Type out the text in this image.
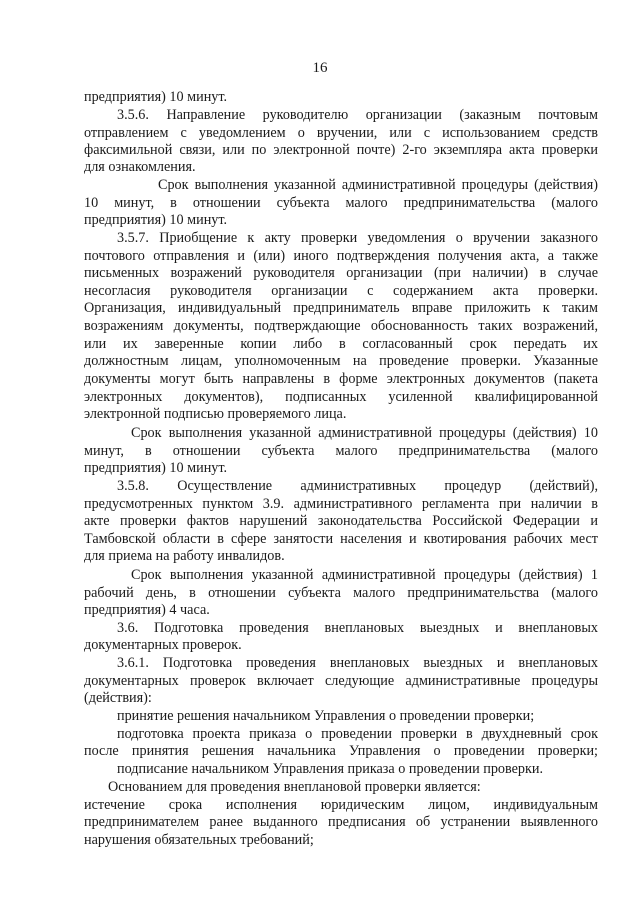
16
предприятия) 10 минут.
3.5.6. Направление руководителю организации (заказным почтовым
отправлением с уведомлением о вручении, или с использованием средств
факсимильной связи, или по электронной почте) 2-го экземпляра акта проверки
для ознакомления.
Срок выполнения указанной административной процедуры (действия)
10 минут, в отношении субъекта малого предпринимательства (малого
предприятия) 10 минут.
3.5.7. Приобщение к акту проверки уведомления о вручении заказного
почтового отправления и (или) иного подтверждения получения акта, а также
письменных возражений руководителя организации (при наличии) в случае
несогласия руководителя организации с содержанием акта проверки.
Организация, индивидуальный предприниматель вправе приложить к таким
возражениям документы, подтверждающие обоснованность таких возражений,
или их заверенные копии либо в согласованный срок передать их
должностным лицам, уполномоченным на проведение проверки. Указанные
документы могут быть направлены в форме электронных документов (пакета
электронных документов), подписанных усиленной квалифицированной
электронной подписью проверяемого лица.
Срок выполнения указанной административной процедуры (действия) 10
минут, в отношении субъекта малого предпринимательства (малого
предприятия) 10 минут.
3.5.8. Осуществление административных процедур (действий),
предусмотренных пунктом 3.9. административного регламента при наличии в
акте проверки фактов нарушений законодательства Российской Федерации и
Тамбовской области в сфере занятости населения и квотирования рабочих мест
для приема на работу инвалидов.
Срок выполнения указанной административной процедуры (действия) 1
рабочий день, в отношении субъекта малого предпринимательства (малого
предприятия) 4 часа.
3.6. Подготовка проведения внеплановых выездных и внеплановых
документарных проверок.
3.6.1. Подготовка проведения внеплановых выездных и внеплановых
документарных проверок включает следующие административные процедуры
(действия):
принятие решения начальником Управления о проведении проверки;
подготовка проекта приказа о проведении проверки в двухдневный срок
после принятия решения начальника Управления о проведении проверки;
подписание начальником Управления приказа о проведении проверки.
Основанием для проведения внеплановой проверки является:
истечение срока исполнения юридическим лицом, индивидуальным
предпринимателем ранее выданного предписания об устранении выявленного
нарушения обязательных требований;
